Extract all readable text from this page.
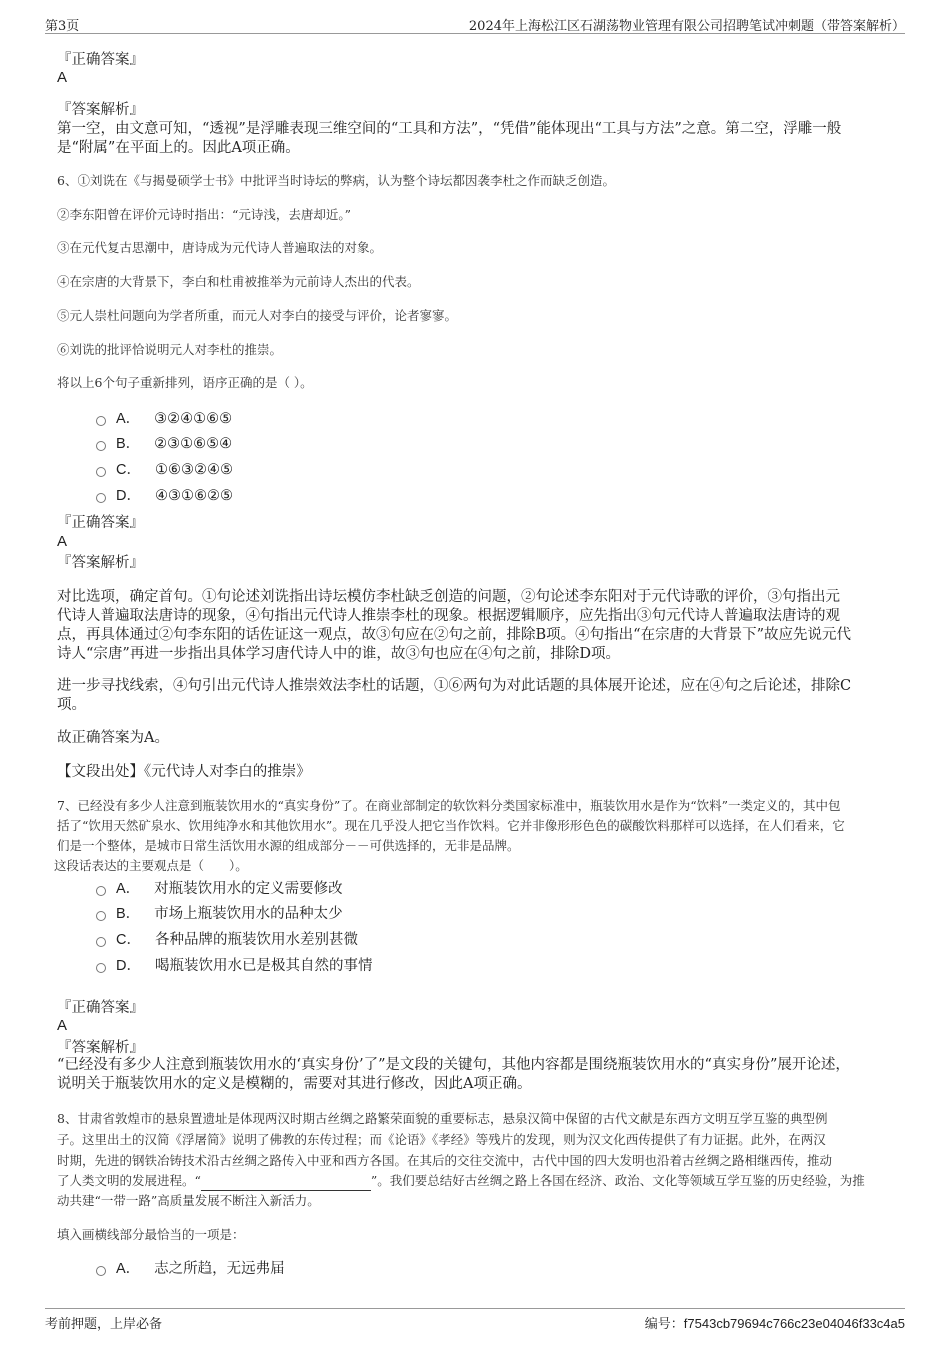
第3页	2024年上海松江区石湖荡物业管理有限公司招聘笔试冲刺题（带答案解析）
『正确答案』
A
『答案解析』
第一空，由文意可知，“透视”是浮雕表现三维空间的“工具和方法”，“凭借”能体现出“工具与方法”之意。第二空，浮雕一般
是“附属”在平面上的。因此A项正确。
6、①刘诜在《与揭曼硕学士书》中批评当时诗坛的弊病，认为整个诗坛都因袭李杜之作而缺乏创造。
②李东阳曾在评价元诗时指出：“元诗浅，去唐却近。”
③在元代复古思潮中，唐诗成为元代诗人普遍取法的对象。
④在宗唐的大背景下，李白和杜甫被推举为元前诗人杰出的代表。
⑤元人崇杜问题向为学者所重，而元人对李白的接受与评价，论者寥寥。
⑥刘诜的批评恰说明元人对李杜的推崇。
将以上6个句子重新排列，语序正确的是（ ）。
A． ③②④①⑥⑤
B． ②③①⑥⑤④
C． ①⑥③②④⑤
D． ④③①⑥②⑤
『正确答案』
A
『答案解析』
对比选项，确定首句。①句论述刘诜指出诗坛模仿李杜缺乏创造的问题，②句论述李东阳对于元代诗歌的评价，③句指出元
代诗人普遍取法唐诗的现象，④句指出元代诗人推崇李杜的现象。根据逻辑顺序，应先指出③句元代诗人普遍取法唐诗的观
点，再具体通过②句李东阳的话佐证这一观点，故③句应在②句之前，排除B项。④句指出“在宗唐的大背景下”故应先说元代
诗人“宗唐”再进一步指出具体学习唐代诗人中的谁，故③句也应在④句之前，排除D项。
进一步寻找线索，④句引出元代诗人推崇效法李杜的话题，①⑥两句为对此话题的具体展开论述，应在④句之后论述，排除C
项。
故正确答案为A。
【文段出处】《元代诗人对李白的推崇》
7、已经没有多少人注意到瓶装饮用水的“真实身份”了。在商业部制定的软饮料分类国家标准中，瓶装饮用水是作为“饮料”一类定义的，其中包
括了“饮用天然矿泉水、饮用纯净水和其他饮用水”。现在几乎没人把它当作饮料。它并非像形形色色的碳酸饮料那样可以选择，在人们看来，它
们是一个整体，是城市日常生活饮用水源的组成部分－－可供选择的，无非是品牌。
这段话表达的主要观点是（　　）。
A． 对瓶装饮用水的定义需要修改
B． 市场上瓶装饮用水的品种太少
C． 各种品牌的瓶装饮用水差别甚微
D． 喝瓶装饮用水已是极其自然的事情
『正确答案』
A
『答案解析』
“已经没有多少人注意到瓶装饮用水的‘真实身份’了”是文段的关键句，其他内容都是围绕瓶装饮用水的“真实身份”展开论述，
说明关于瓶装饮用水的定义是模糊的，需要对其进行修改，因此A项正确。
8、甘肃省敦煌市的悬泉置遗址是体现两汉时期古丝绸之路繁荣面貌的重要标志，悬泉汉简中保留的古代文献是东西方文明互学互鉴的典型例
子。这里出土的汉简《浮屠简》说明了佛教的东传过程；而《论语》《孝经》等残片的发现，则为汉文化西传提供了有力证据。此外，在两汉
时期，先进的钢铁冶铸技术沿古丝绸之路传入中亚和西方各国。在其后的交往交流中，古代中国的四大发明也沿着古丝绸之路相继西传，推动
了人类文明的发展进程。“	”。我们要总结好古丝绸之路上各国在经济、政治、文化等领域互学互鉴的历史经验，为推
动共建“一带一路”高质量发展不断注入新活力。
填入画横线部分最恰当的一项是：
A． 志之所趋，无远弗届
考前押题，上岸必备	编号：f7543cb79694c766c23e04046f33c4a5
